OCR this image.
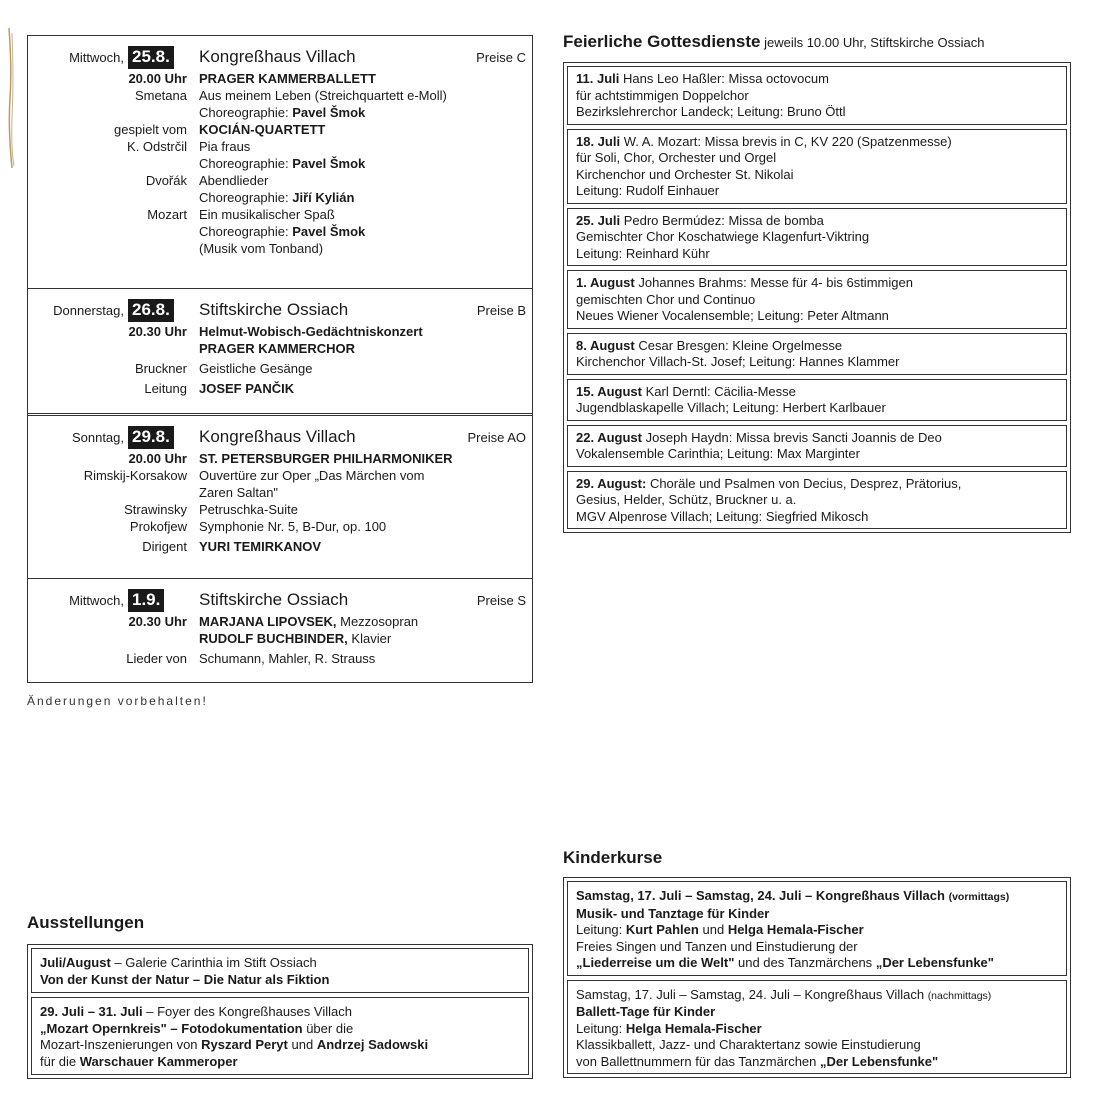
Mittwoch, 25.8. Kongreßhaus Villach	Preise C
20.00 Uhr PRAGER KAMMERBALLETT
Smetana Aus meinem Leben (Streichquartett e-Moll)
Choreographie: Pavel Šmok
gespielt vom KOCIÁN-QUARTETT
K. Odstrčil Pia fraus
Choreographie: Pavel Šmok
Dvořák Abendlieder
Choreographie: Jiří Kylián
Mozart Ein musikalischer Spaß
Choreographie: Pavel Šmok
(Musik vom Tonband)
Donnerstag, 26.8. Stiftskirche Ossiach	Preise B
20.30 Uhr Helmut-Wobisch-Gedächtniskonzert
PRAGER KAMMERCHOR
Bruckner Geistliche Gesänge
Leitung JOSEF PANČIK
Sonntag, 29.8. Kongreßhaus Villach	Preise AO
20.00 Uhr ST. PETERSBURGER PHILHARMONIKER
Rimskij-Korsakow Ouvertüre zur Oper „Das Märchen vom
Zaren Saltan"
Strawinsky Petruschka-Suite
Prokofjew Symphonie Nr. 5, B-Dur, op. 100
Dirigent YURI TEMIRKANOV
Mittwoch, 1.9. Stiftskirche Ossiach	Preise S
20.30 Uhr MARJANA LIPOVSEK, Mezzosopran
RUDOLF BUCHBINDER, Klavier
Lieder von Schumann, Mahler, R. Strauss
Änderungen vorbehalten!
Feierliche Gottesdienste jeweils 10.00 Uhr, Stiftskirche Ossiach
11. Juli Hans Leo Haßler: Missa octovocum
für achtstimmigen Doppelchor
Bezirkslehrerchor Landeck; Leitung: Bruno Öttl
18. Juli W. A. Mozart: Missa brevis in C, KV 220 (Spatzenmesse)
für Soli, Chor, Orchester und Orgel
Kirchenchor und Orchester St. Nikolai
Leitung: Rudolf Einhauer
25. Juli Pedro Bermúdez: Missa de bomba
Gemischter Chor Koschatwiege Klagenfurt-Viktring
Leitung: Reinhard Kühr
1. August Johannes Brahms: Messe für 4- bis 6stimmigen
gemischten Chor und Continuo
Neues Wiener Vocalensemble; Leitung: Peter Altmann
8. August Cesar Bresgen: Kleine Orgelmesse
Kirchenchor Villach-St. Josef; Leitung: Hannes Klammer
15. August Karl Derntl: Cäcilia-Messe
Jugendblaskapelle Villach; Leitung: Herbert Karlbauer
22. August Joseph Haydn: Missa brevis Sancti Joannis de Deo
Vokalensemble Carinthia; Leitung: Max Marginter
29. August: Choräle und Psalmen von Decius, Desprez, Prätorius,
Gesius, Helder, Schütz, Bruckner u. a.
MGV Alpenrose Villach; Leitung: Siegfried Mikosch
Kinderkurse
Samstag, 17. Juli – Samstag, 24. Juli – Kongreßhaus Villach (vormittags)
Musik- und Tanztage für Kinder
Leitung: Kurt Pahlen und Helga Hemala-Fischer
Freies Singen und Tanzen und Einstudierung der
„Liederreise um die Welt" und des Tanzmärchens „Der Lebensfunke"
Samstag, 17. Juli – Samstag, 24. Juli – Kongreßhaus Villach (nachmittags)
Ballett-Tage für Kinder
Leitung: Helga Hemala-Fischer
Klassikballett, Jazz- und Charaktertanz sowie Einstudierung
von Ballettnummern für das Tanzmärchen „Der Lebensfunke"
Ausstellungen
Juli/August – Galerie Carinthia im Stift Ossiach
Von der Kunst der Natur – Die Natur als Fiktion
29. Juli – 31. Juli – Foyer des Kongreßhauses Villach
„Mozart Opernkreis" – Fotodokumentation über die
Mozart-Inszenierungen von Ryszard Peryt und Andrzej Sadowski
für die Warschauer Kammeroper
